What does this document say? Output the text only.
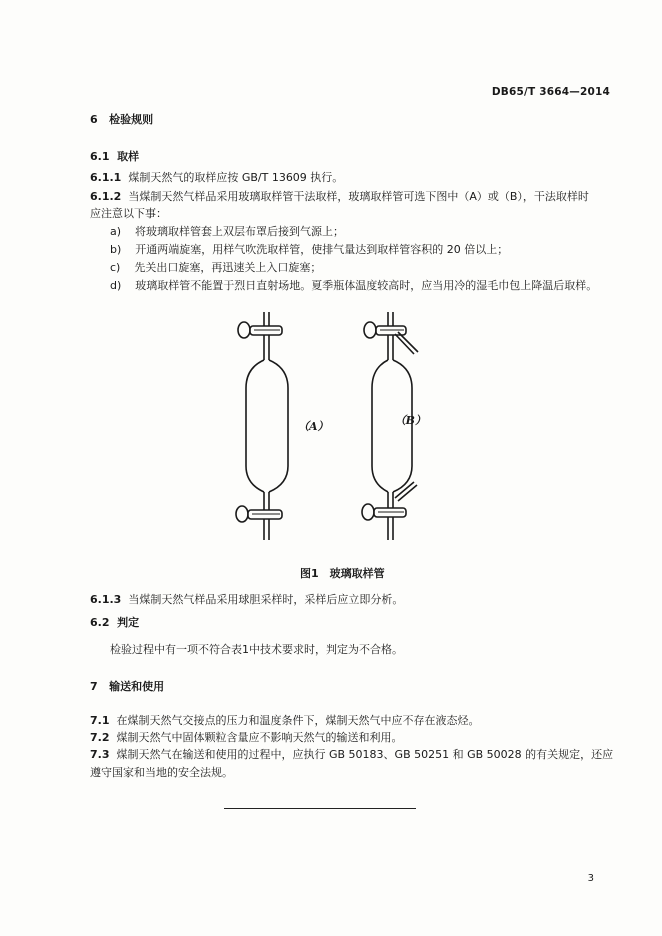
DB65/T 3664—2014
6 检验规则
6.1 取样
6.1.1 煤制天然气的取样应按 GB/T 13609 执行。
6.1.2 当煤制天然气样品采用玻璃取样管干法取样，玻璃取样管可选下图中（A）或（B），干法取样时
应注意以下事：
a) 将玻璃取样管套上双层布罩后接到气源上；
b) 开通两端旋塞，用样气吹洗取样管，使排气量达到取样管容积的 20 倍以上；
c) 先关出口旋塞，再迅速关上入口旋塞；
d) 玻璃取样管不能置于烈日直射场地。夏季瓶体温度较高时，应当用冷的湿毛巾包上降温后取样。
（A）	（B）
图1　玻璃取样管
6.1.3 当煤制天然气样品采用球胆采样时，采样后应立即分析。
6.2 判定
检验过程中有一项不符合表1中技术要求时，判定为不合格。
7 输送和使用
7.1 在煤制天然气交接点的压力和温度条件下，煤制天然气中应不存在液态烃。
7.2 煤制天然气中固体颗粒含量应不影响天然气的输送和利用。
7.3 煤制天然气在输送和使用的过程中，应执行 GB 50183、GB 50251 和 GB 50028 的有关规定，还应
遵守国家和当地的安全法规。
3
